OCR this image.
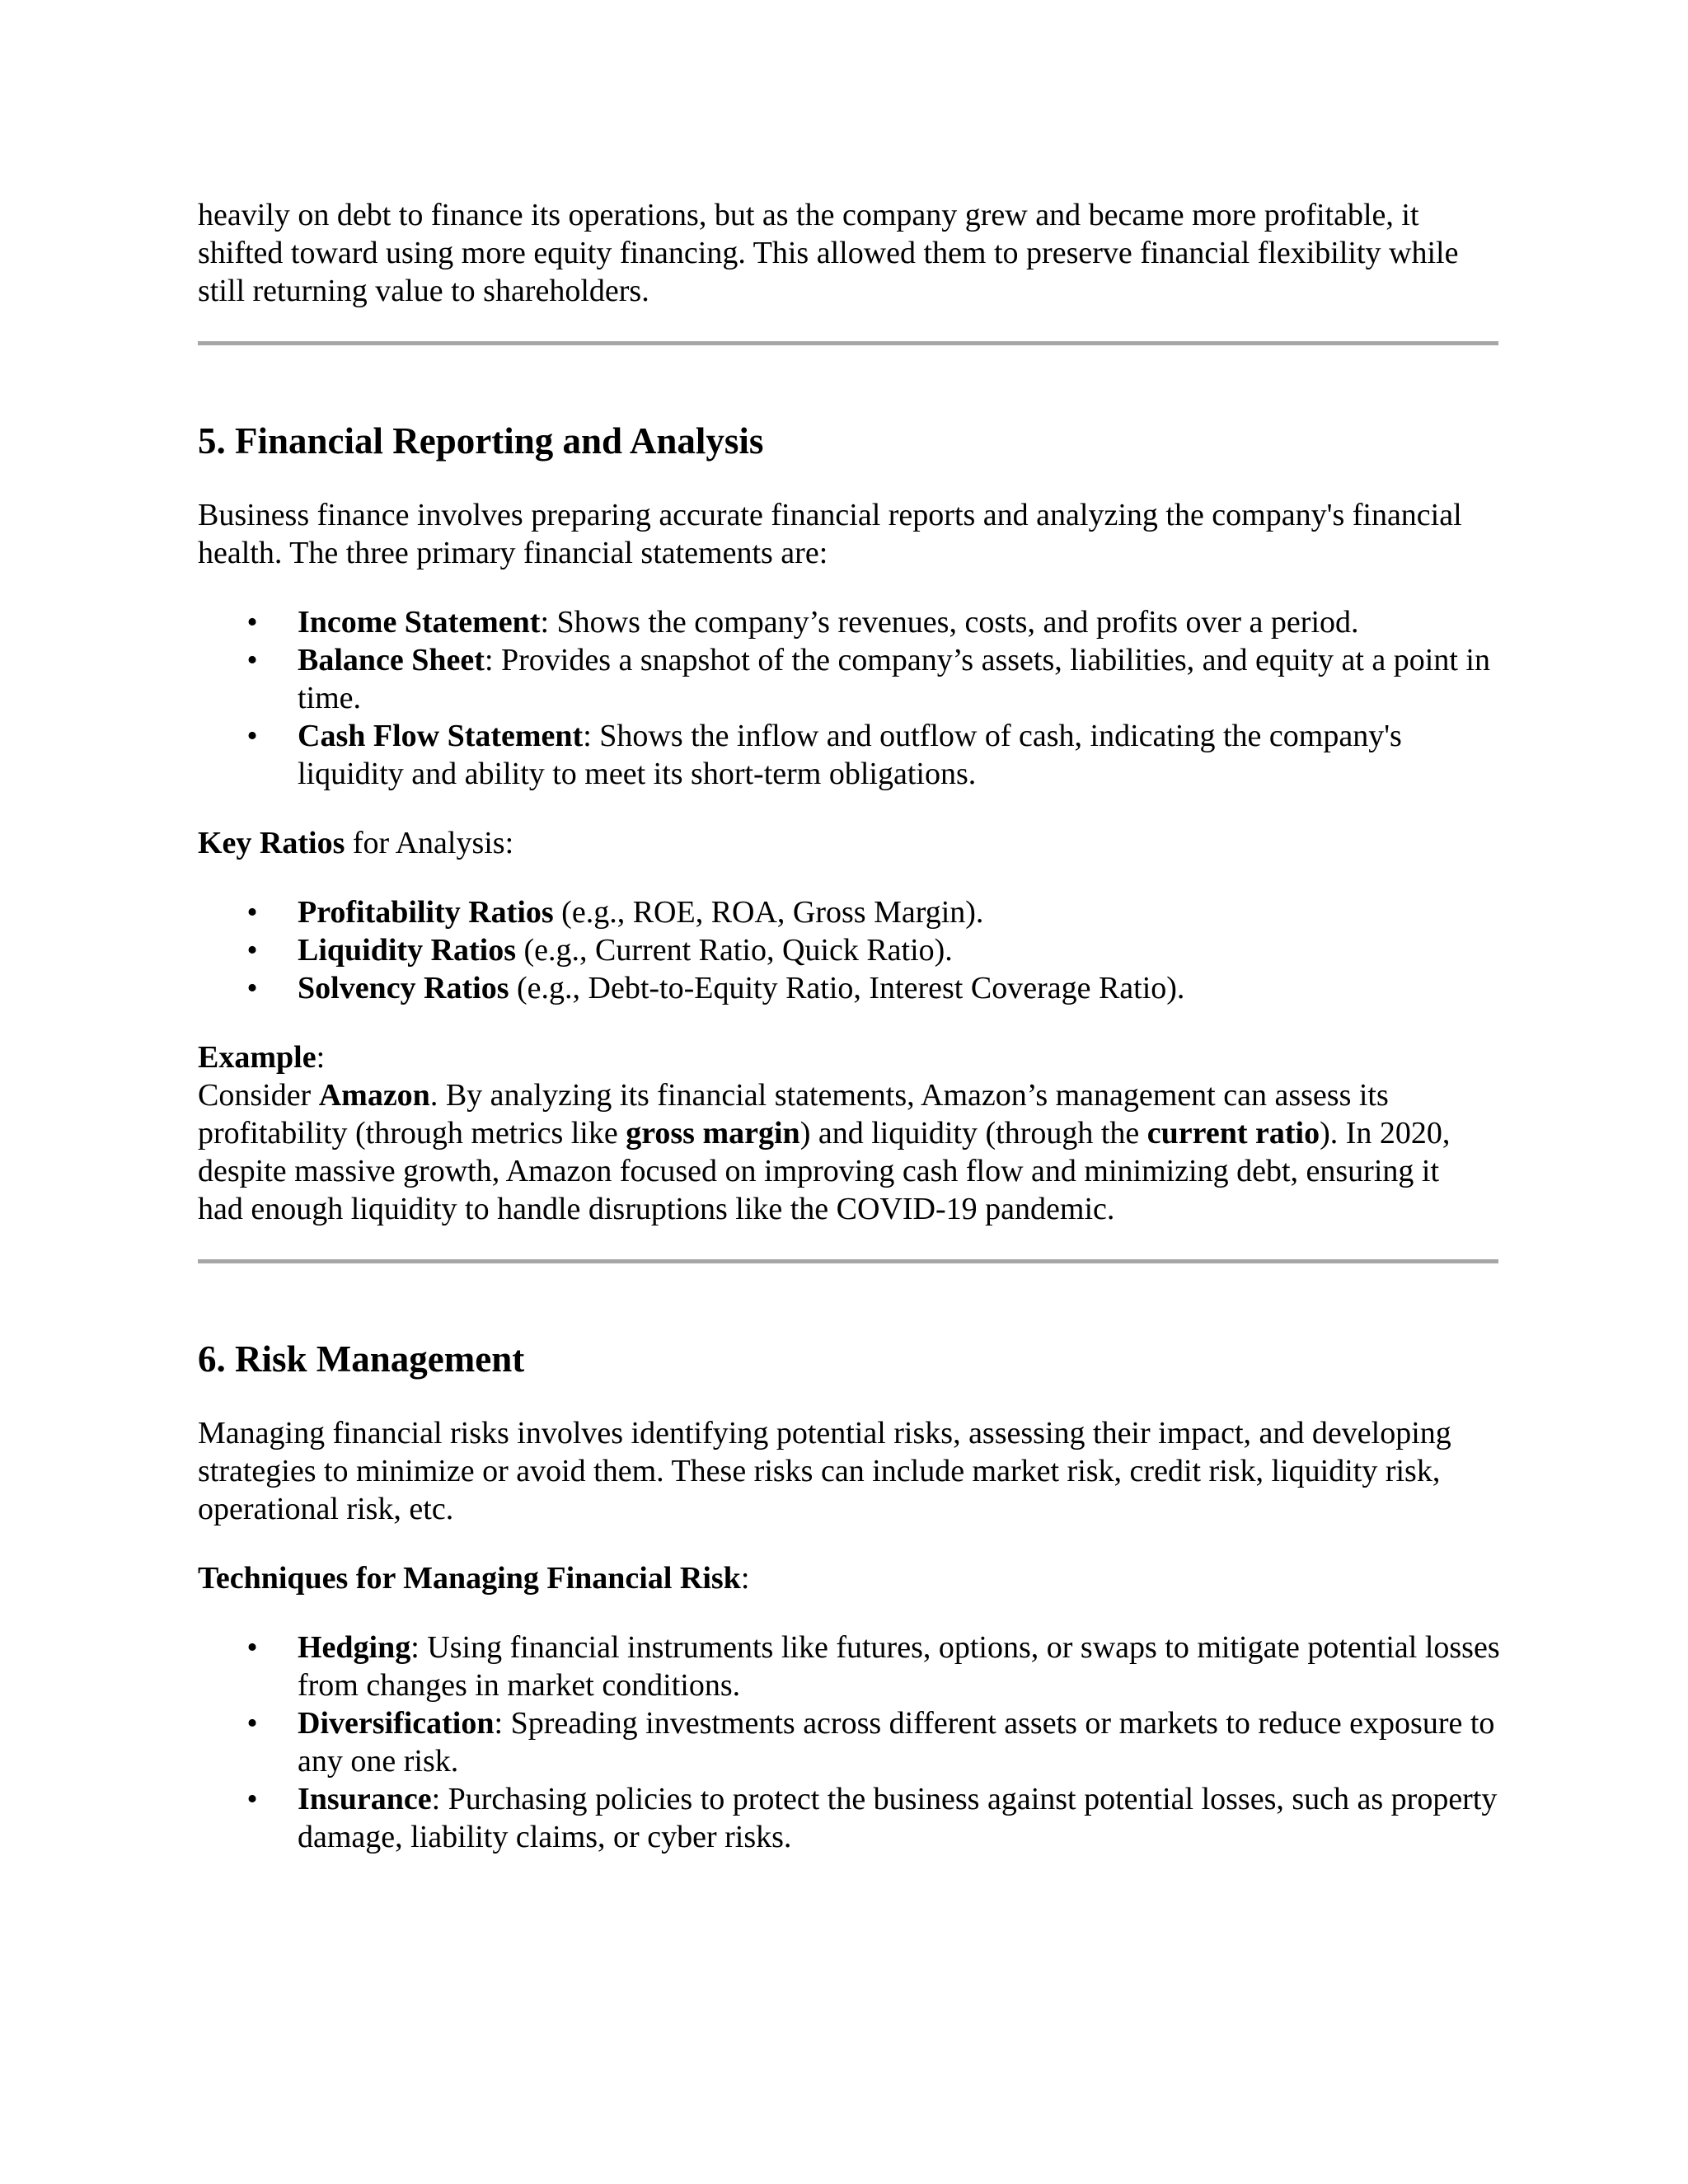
heavily on debt to finance its operations, but as the company grew and became more profitable, it shifted toward using more equity financing. This allowed them to preserve financial flexibility while still returning value to shareholders.

5. Financial Reporting and Analysis

Business finance involves preparing accurate financial reports and analyzing the company's financial health. The three primary financial statements are:

• Income Statement: Shows the company’s revenues, costs, and profits over a period.
• Balance Sheet: Provides a snapshot of the company’s assets, liabilities, and equity at a point in time.
• Cash Flow Statement: Shows the inflow and outflow of cash, indicating the company's liquidity and ability to meet its short-term obligations.

Key Ratios for Analysis:

• Profitability Ratios (e.g., ROE, ROA, Gross Margin).
• Liquidity Ratios (e.g., Current Ratio, Quick Ratio).
• Solvency Ratios (e.g., Debt-to-Equity Ratio, Interest Coverage Ratio).

Example:

Consider Amazon. By analyzing its financial statements, Amazon’s management can assess its profitability (through metrics like gross margin) and liquidity (through the current ratio). In 2020, despite massive growth, Amazon focused on improving cash flow and minimizing debt, ensuring it had enough liquidity to handle disruptions like the COVID-19 pandemic.

6. Risk Management

Managing financial risks involves identifying potential risks, assessing their impact, and developing strategies to minimize or avoid them. These risks can include market risk, credit risk, liquidity risk, operational risk, etc.

Techniques for Managing Financial Risk:

• Hedging: Using financial instruments like futures, options, or swaps to mitigate potential losses from changes in market conditions.
• Diversification: Spreading investments across different assets or markets to reduce exposure to any one risk.
• Insurance: Purchasing policies to protect the business against potential losses, such as property damage, liability claims, or cyber risks.
